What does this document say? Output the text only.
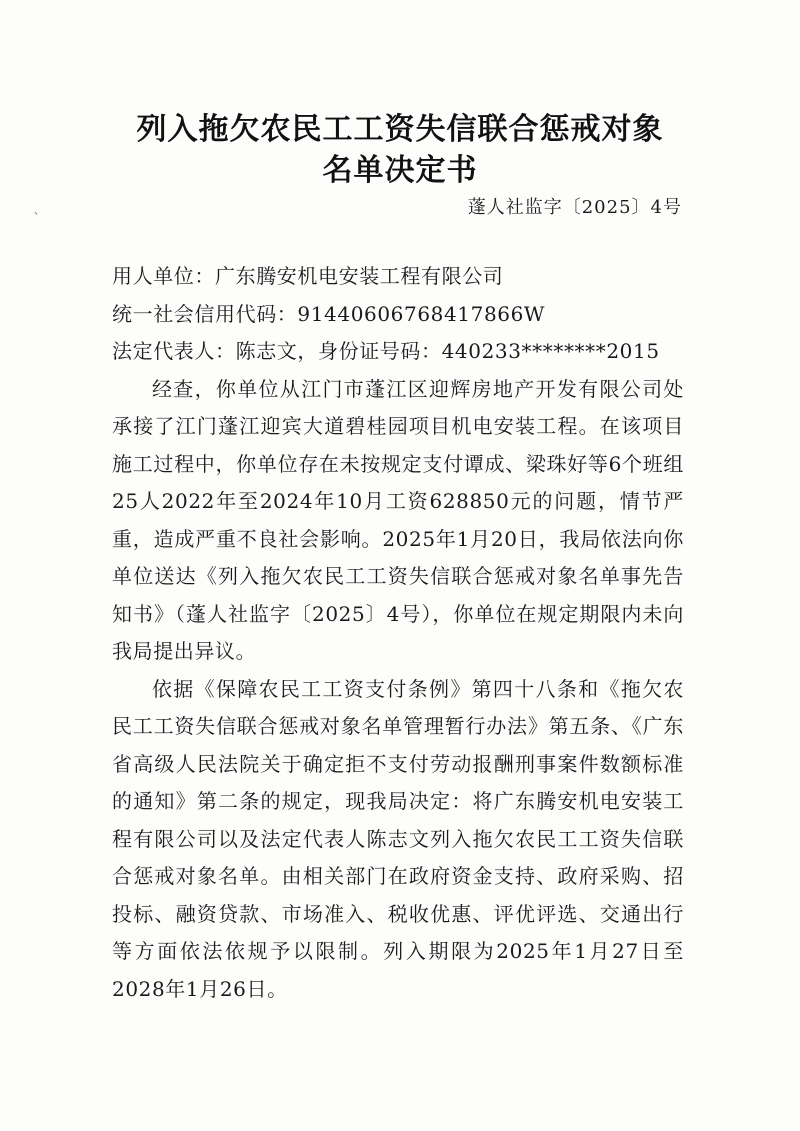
列入拖欠农民工工资失信联合惩戒对象
名单决定书
、	蓬人社监字〔2025〕4号

用人单位：广东腾安机电安装工程有限公司

统一社会信用代码：91440606768417866W

法定代表人：陈志文，身份证号码：440233********2015

经查，你单位从江门市蓬江区迎辉房地产开发有限公司处承接了江门蓬江迎宾大道碧桂园项目机电安装工程。在该项目施工过程中，你单位存在未按规定支付谭成、梁珠好等6个班组25人2022年至2024年10月工资628850元的问题，情节严重，造成严重不良社会影响。2025年1月20日，我局依法向你单位送达《列入拖欠农民工工资失信联合惩戒对象名单事先告知书》（蓬人社监字〔2025〕4号），你单位在规定期限内未向我局提出异议。

依据《保障农民工工资支付条例》第四十八条和《拖欠农民工工资失信联合惩戒对象名单管理暂行办法》第五条、《广东省高级人民法院关于确定拒不支付劳动报酬刑事案件数额标准的通知》第二条的规定，现我局决定：将广东腾安机电安装工程有限公司以及法定代表人陈志文列入拖欠农民工工资失信联合惩戒对象名单。由相关部门在政府资金支持、政府采购、招投标、融资贷款、市场准入、税收优惠、评优评选、交通出行等方面依法依规予以限制。列入期限为2025年1月27日至2028年1月26日。
